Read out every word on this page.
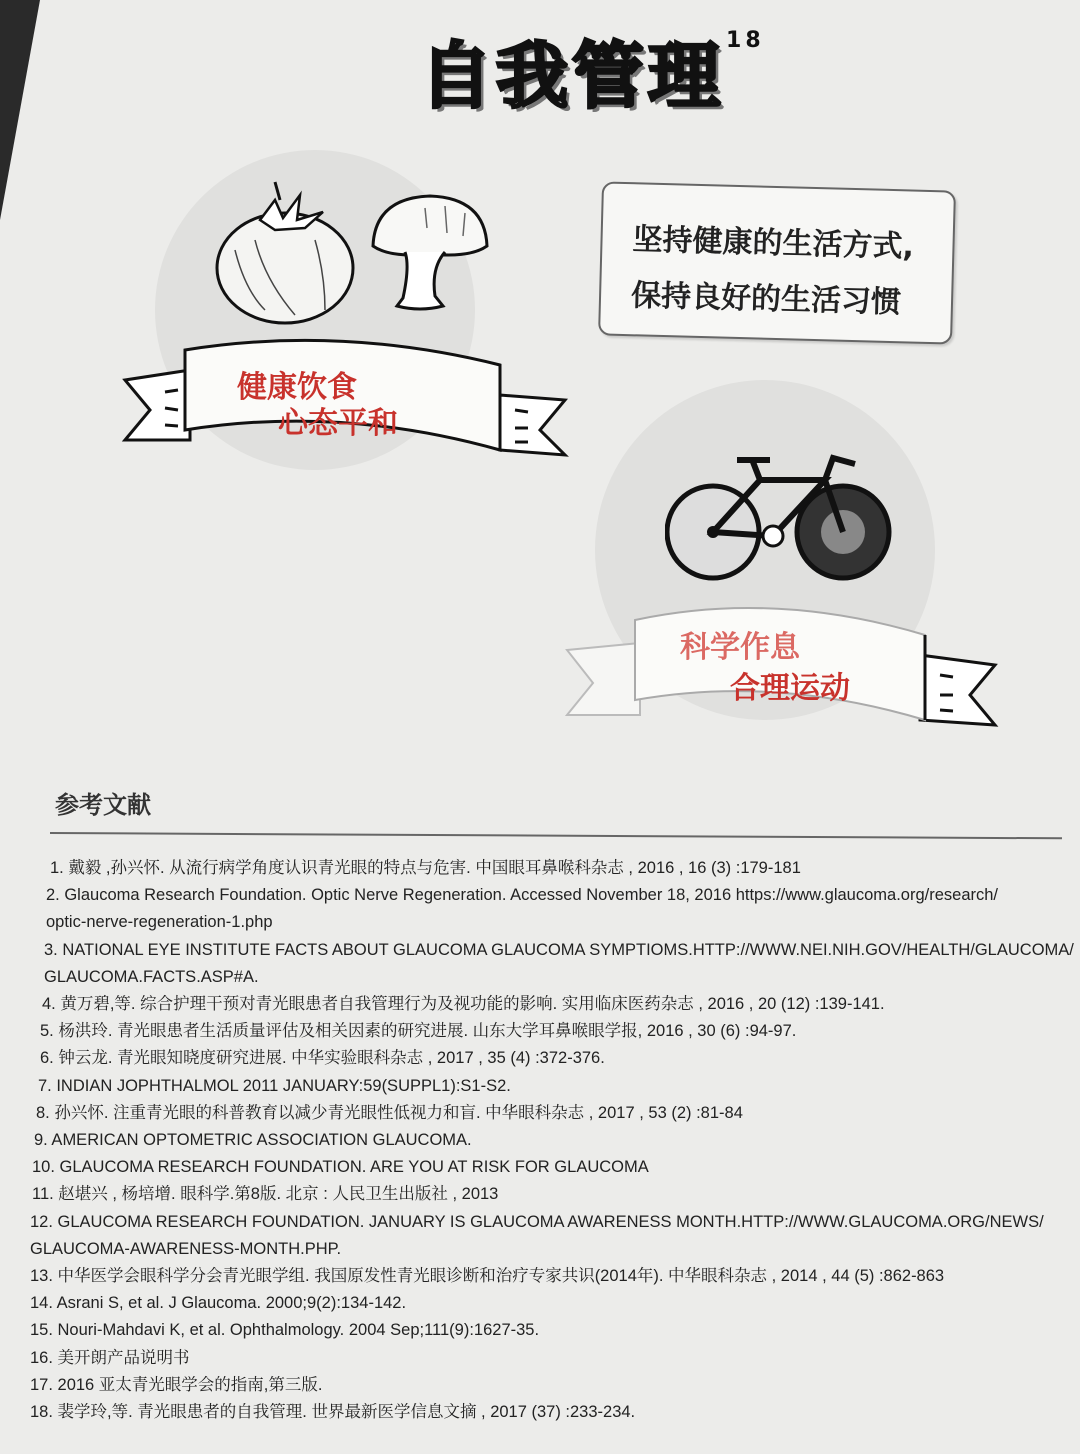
自我管理$^{18}$
坚持健康的生活方式,
保持良好的生活习惯
健康饮食
心态平和
科学作息
合理运动
参考文献
1. 戴毅 ,孙兴怀. 从流行病学角度认识青光眼的特点与危害. 中国眼耳鼻喉科杂志 , 2016 , 16 (3) :179-181
2. Glaucoma Research Foundation. Optic Nerve Regeneration. Accessed November 18, 2016 https://www.glaucoma.org/research/
optic-nerve-regeneration-1.php
3. NATIONAL EYE INSTITUTE FACTS ABOUT GLAUCOMA GLAUCOMA SYMPTIOMS.HTTP://WWW.NEI.NIH.GOV/HEALTH/GLAUCOMA/
GLAUCOMA.FACTS.ASP#A.
4. 黄万碧,等. 综合护理干预对青光眼患者自我管理行为及视功能的影响. 实用临床医药杂志 , 2016 , 20 (12) :139-141.
5. 杨洪玲. 青光眼患者生活质量评估及相关因素的研究进展. 山东大学耳鼻喉眼学报, 2016 , 30 (6) :94-97.
6. 钟云龙. 青光眼知晓度研究进展. 中华实验眼科杂志 , 2017 , 35 (4) :372-376.
7. INDIAN JOPHTHALMOL 2011 JANUARY:59(SUPPL1):S1-S2.
8. 孙兴怀. 注重青光眼的科普教育以减少青光眼性低视力和盲. 中华眼科杂志 , 2017 , 53 (2) :81-84
9. AMERICAN OPTOMETRIC ASSOCIATION GLAUCOMA.
10. GLAUCOMA RESEARCH FOUNDATION. ARE YOU AT RISK FOR GLAUCOMA
11. 赵堪兴 , 杨培增. 眼科学.第8版. 北京 : 人民卫生出版社 , 2013
12. GLAUCOMA RESEARCH FOUNDATION. JANUARY IS GLAUCOMA AWARENESS MONTH.HTTP://WWW.GLAUCOMA.ORG/NEWS/
GLAUCOMA-AWARENESS-MONTH.PHP.
13. 中华医学会眼科学分会青光眼学组. 我国原发性青光眼诊断和治疗专家共识(2014年). 中华眼科杂志 , 2014 , 44 (5) :862-863
14. Asrani S, et al. J Glaucoma. 2000;9(2):134-142.
15. Nouri-Mahdavi K, et al. Ophthalmology. 2004 Sep;111(9):1627-35.
16. 美开朗产品说明书
17. 2016 亚太青光眼学会的指南,第三版.
18. 裴学玲,等. 青光眼患者的自我管理. 世界最新医学信息文摘 , 2017 (37) :233-234.
